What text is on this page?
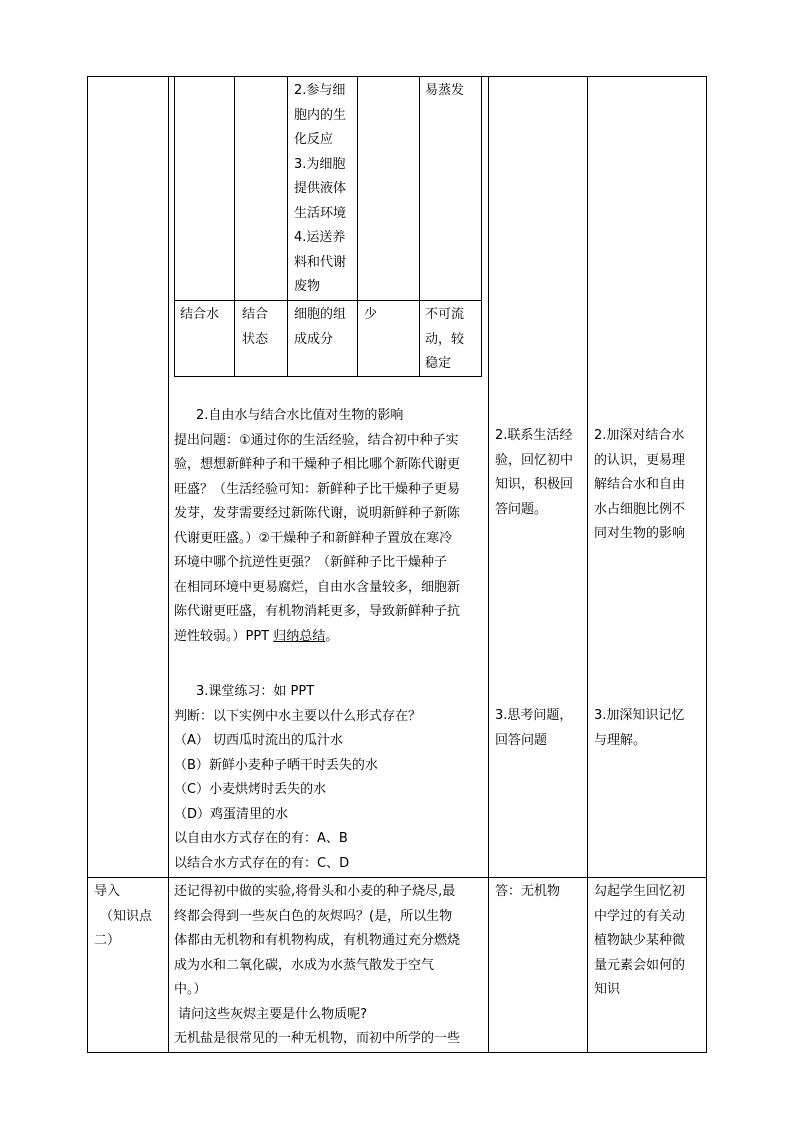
2.参与细
胞内的生
化反应
3.为细胞
提供液体
生活环境
4.运送养
料和代谢
废物
易蒸发
结合水 结合
状态
细胞的组
成成分
少	不可流
动，较
稳定
2.自由水与结合水比值对生物的影响
提出问题：①通过你的生活经验，结合初中种子实
验，想想新鲜种子和干燥种子相比哪个新陈代谢更
旺盛？（生活经验可知：新鲜种子比干燥种子更易
发芽，发芽需要经过新陈代谢，说明新鲜种子新陈
代谢更旺盛。）②干燥种子和新鲜种子置放在寒冷
环境中哪个抗逆性更强？（新鲜种子比干燥种子
在相同环境中更易腐烂，自由水含量较多，细胞新
陈代谢更旺盛，有机物消耗更多，导致新鲜种子抗
逆性较弱。）PPT 归纳总结。
2.联系生活经
验，回忆初中
知识，积极回
答问题。
2.加深对结合水
的认识，更易理
解结合水和自由
水占细胞比例不
同对生物的影响
3.课堂练习：如 PPT
判断：以下实例中水主要以什么形式存在？
（A） 切西瓜时流出的瓜汁水
（B）新鲜小麦种子晒干时丢失的水
（C）小麦烘烤时丢失的水
（D）鸡蛋清里的水
以自由水方式存在的有：A、B
以结合水方式存在的有：C、D
3.思考问题，
回答问题
3.加深知识记忆
与理解。
导入
（知识点
二）
还记得初中做的实验,将骨头和小麦的种子烧尽,最
终都会得到一些灰白色的灰烬吗？(是，所以生物
体都由无机物和有机物构成，有机物通过充分燃烧
成为水和二氧化碳，水成为水蒸气散发于空气
中。）
请问这些灰烬主要是什么物质呢?
无机盐是很常见的一种无机物，而初中所学的一些
答：无机物	勾起学生回忆初
中学过的有关动
植物缺少某种微
量元素会如何的
知识
